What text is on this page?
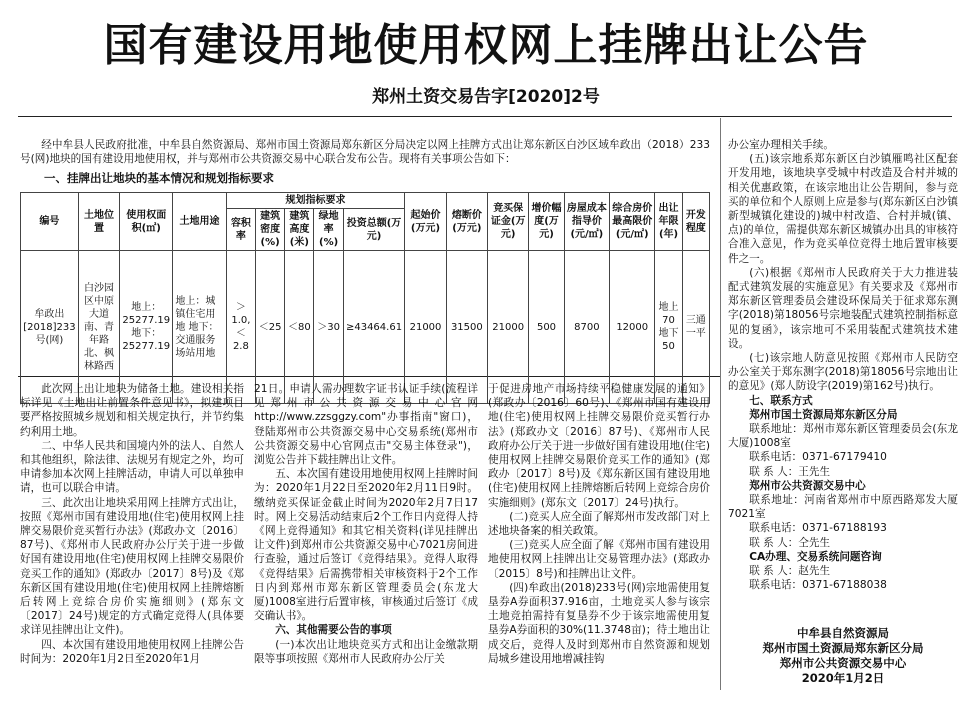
国有建设用地使用权网上挂牌出让公告
郑州土资交易告字[2020]2号

经中牟县人民政府批准，中牟县自然资源局、郑州市国土资源局郑东新区分局决定以网上挂牌方式出让郑东新区白沙区域牟政出（2018）233号(网)地块的国有建设用地使用权，并与郑州市公共资源交易中心联合发布公告。现将有关事项公告如下：

一、挂牌出让地块的基本情况和规划指标要求
编号	土地位置	使用权面积(㎡)	土地用途	规划指标要求					起始价(万元)	熔断价(万元)	竞买保证金(万元)	增价幅度(万元)	房屋成本指导价(元/㎡)	综合房价最高限价(元/㎡)	出让年限(年)	开发程度
				容积率	建筑密度(%)	建筑高度(米)	绿地率(%)	投资总额(万元)								
牟政出[2018]233号(网)	白沙园区中原大道南、青年路北、枫林路西	地上：25277.19 地下：25277.19	地上：城镇住宅用地 地下：交通服务场站用地	＞1.0,＜2.8	＜25	＜80	＞30	≥43464.61	21000	31500	21000	500	8700	12000	地上70地下50	三通一平

此次网上出让地块为储备土地。建设相关指标详见《土地出让前置条件意见书》，拟建项目要严格按照城乡规划和相关规定执行，并节约集约利用土地。

二、中华人民共和国境内外的法人、自然人和其他组织，除法律、法规另有规定之外，均可申请参加本次网上挂牌活动，申请人可以单独申请，也可以联合申请。

三、此次出让地块采用网上挂牌方式出让，按照《郑州市国有建设用地(住宅)使用权网上挂牌交易限价竞买暂行办法》(郑政办文〔2016〕87号)、《郑州市人民政府办公厅关于进一步做好国有建设用地(住宅)使用权网上挂牌交易限价竞买工作的通知》(郑政办〔2017〕8号)及《郑东新区国有建设用地(住宅)使用权网上挂牌熔断后转网上竞综合房价实施细则》(郑东文〔2017〕24号)规定的方式确定竞得人(具体要求详见挂牌出让文件)。

四、本次国有建设用地使用权网上挂牌公告时间为：2020年1月2日至2020年1月

21日。申请人需办理数字证书认证手续(流程详见郑州市公共资源交易中心官网http://www.zzsggzy.com"办事指南"窗口)，登陆郑州市公共资源交易中心交易系统(郑州市公共资源交易中心官网点击"交易主体登录")，浏览公告并下载挂牌出让文件。

五、本次国有建设用地使用权网上挂牌时间为：2020年1月22日至2020年2月11日9时。缴纳竞买保证金截止时间为2020年2月7日17时。网上交易活动结束后2个工作日内竞得人持《网上竞得通知》和其它相关资料(详见挂牌出让文件)到郑州市公共资源交易中心7021房间进行查验，通过后签订《竞得结果》。竞得人取得《竞得结果》后需携带相关审核资料于2个工作日内到郑州市郑东新区管理委员会(东龙大厦)1008室进行后置审核，审核通过后签订《成交确认书》。

六、其他需要公告的事项

(一)本次出让地块竞买方式和出让金缴款期限等事项按照《郑州市人民政府办公厅关

于促进房地产市场持续平稳健康发展的通知》(郑政办〔2016〕60号)、《郑州市国有建设用地(住宅)使用权网上挂牌交易限价竞买暂行办法》(郑政办文〔2016〕87号)、《郑州市人民政府办公厅关于进一步做好国有建设用地(住宅)使用权网上挂牌交易限价竞买工作的通知》(郑政办〔2017〕8号)及《郑东新区国有建设用地(住宅)使用权网上挂牌熔断后转网上竞综合房价实施细则》(郑东文〔2017〕24号)执行。

(二)竞买人应全面了解郑州市发改部门对上述地块备案的相关政策。

(三)竞买人应全面了解《郑州市国有建设用地使用权网上挂牌出让交易管理办法》(郑政办〔2015〕8号)和挂牌出让文件。

(四)牟政出(2018)233号(网)宗地需使用复垦券A券面积37.916亩，土地竞买人参与该宗土地竞拍需持有复垦券不少于该宗地需使用复垦券A券面积的30%(11.3748亩)；待土地出让成交后，竞得人及时到郑州市自然资源和规划局城乡建设用地增减挂钩

办公室办理相关手续。

(五)该宗地系郑东新区白沙镇雁鸣社区配套开发用地，该地块享受城中村改造及合村并城的相关优惠政策，在该宗地出让公告期间，参与竞买的单位和个人原则上应是参与(郑东新区白沙镇新型城镇化建设的)城中村改造、合村并城(镇、点)的单位，需提供郑东新区城镇办出具的审核符合准入意见，作为竞买单位竞得土地后置审核要件之一。

(六)根据《郑州市人民政府关于大力推进装配式建筑发展的实施意见》有关要求及《郑州市郑东新区管理委员会建设环保局关于征求郑东测字(2018)第18056号宗地装配式建筑控制指标意见的复函》，该宗地可不采用装配式建筑技术建设。

(七)该宗地人防意见按照《郑州市人民防空办公室关于郑东测字(2018)第18056号宗地出让的意见》(郑人防设字(2019)第162号)执行。

七、联系方式

郑州市国土资源局郑东新区分局

联系地址：郑州市郑东新区管理委员会(东龙大厦)1008室

联系电话：0371-67179410

联 系 人：王先生

郑州市公共资源交易中心

联系地址：河南省郑州市中原西路郑发大厦7021室

联系电话：0371-67188193

联 系 人：仝先生

CA办理、交易系统问题咨询

联 系 人：赵先生

联系电话：0371-67188038

中牟县自然资源局
郑州市国土资源局郑东新区分局
郑州市公共资源交易中心
2020年1月2日
